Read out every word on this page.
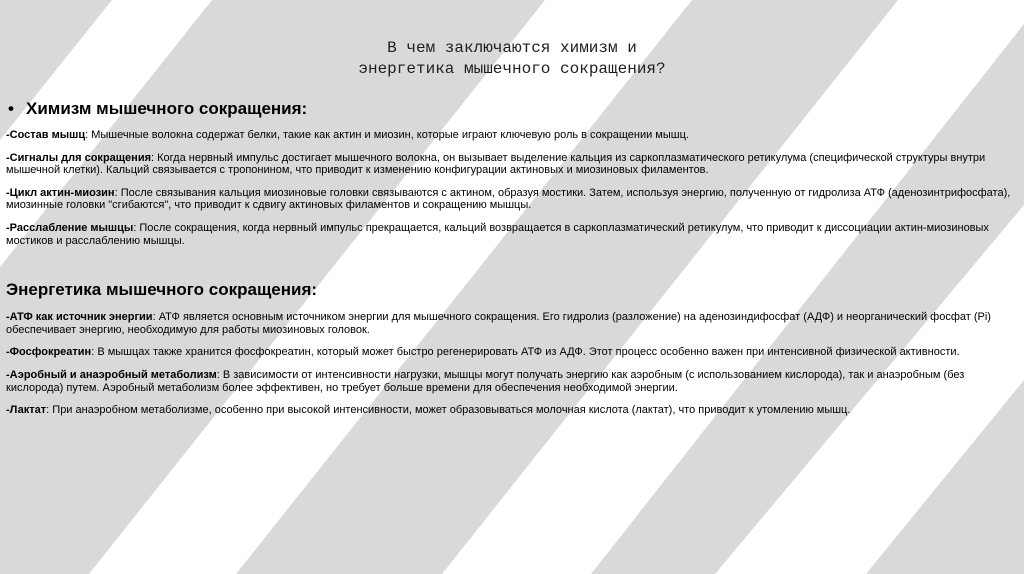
В чем заключаются химизм и
энергетика мышечного сокращения?

• Химизм мышечного сокращения:

-Состав мышц: Мышечные волокна содержат белки, такие как актин и миозин, которые играют ключевую роль в сокращении мышц.

-Сигналы для сокращения: Когда нервный импульс достигает мышечного волокна, он вызывает выделение кальция из саркоплазматического ретикулума (специфической структуры внутри мышечной клетки). Кальций связывается с тропонином, что приводит к изменению конфигурации актиновых и миозиновых филаментов.

-Цикл актин-миозин: После связывания кальция миозиновые головки связываются с актином, образуя мостики. Затем, используя энергию, полученную от гидролиза АТФ (аденозинтрифосфата), миозинные головки "сгибаются", что приводит к сдвигу актиновых филаментов и сокращению мышцы.

-Расслабление мышцы: После сокращения, когда нервный импульс прекращается, кальций возвращается в саркоплазматический ретикулум, что приводит к диссоциации актин-миозиновых мостиков и расслаблению мышцы.

Энергетика мышечного сокращения:

-АТФ как источник энергии: АТФ является основным источником энергии для мышечного сокращения. Его гидролиз (разложение) на аденозиндифосфат (АДФ) и неорганический фосфат (Pi) обеспечивает энергию, необходимую для работы миозиновых головок.

-Фосфокреатин: В мышцах также хранится фосфокреатин, который может быстро регенерировать АТФ из АДФ. Этот процесс особенно важен при интенсивной физической активности.

-Аэробный и анаэробный метаболизм: В зависимости от интенсивности нагрузки, мышцы могут получать энергию как аэробным (с использованием кислорода), так и анаэробным (без кислорода) путем. Аэробный метаболизм более эффективен, но требует больше времени для обеспечения необходимой энергии.

-Лактат: При анаэробном метаболизме, особенно при высокой интенсивности, может образовываться молочная кислота (лактат), что приводит к утомлению мышц.
